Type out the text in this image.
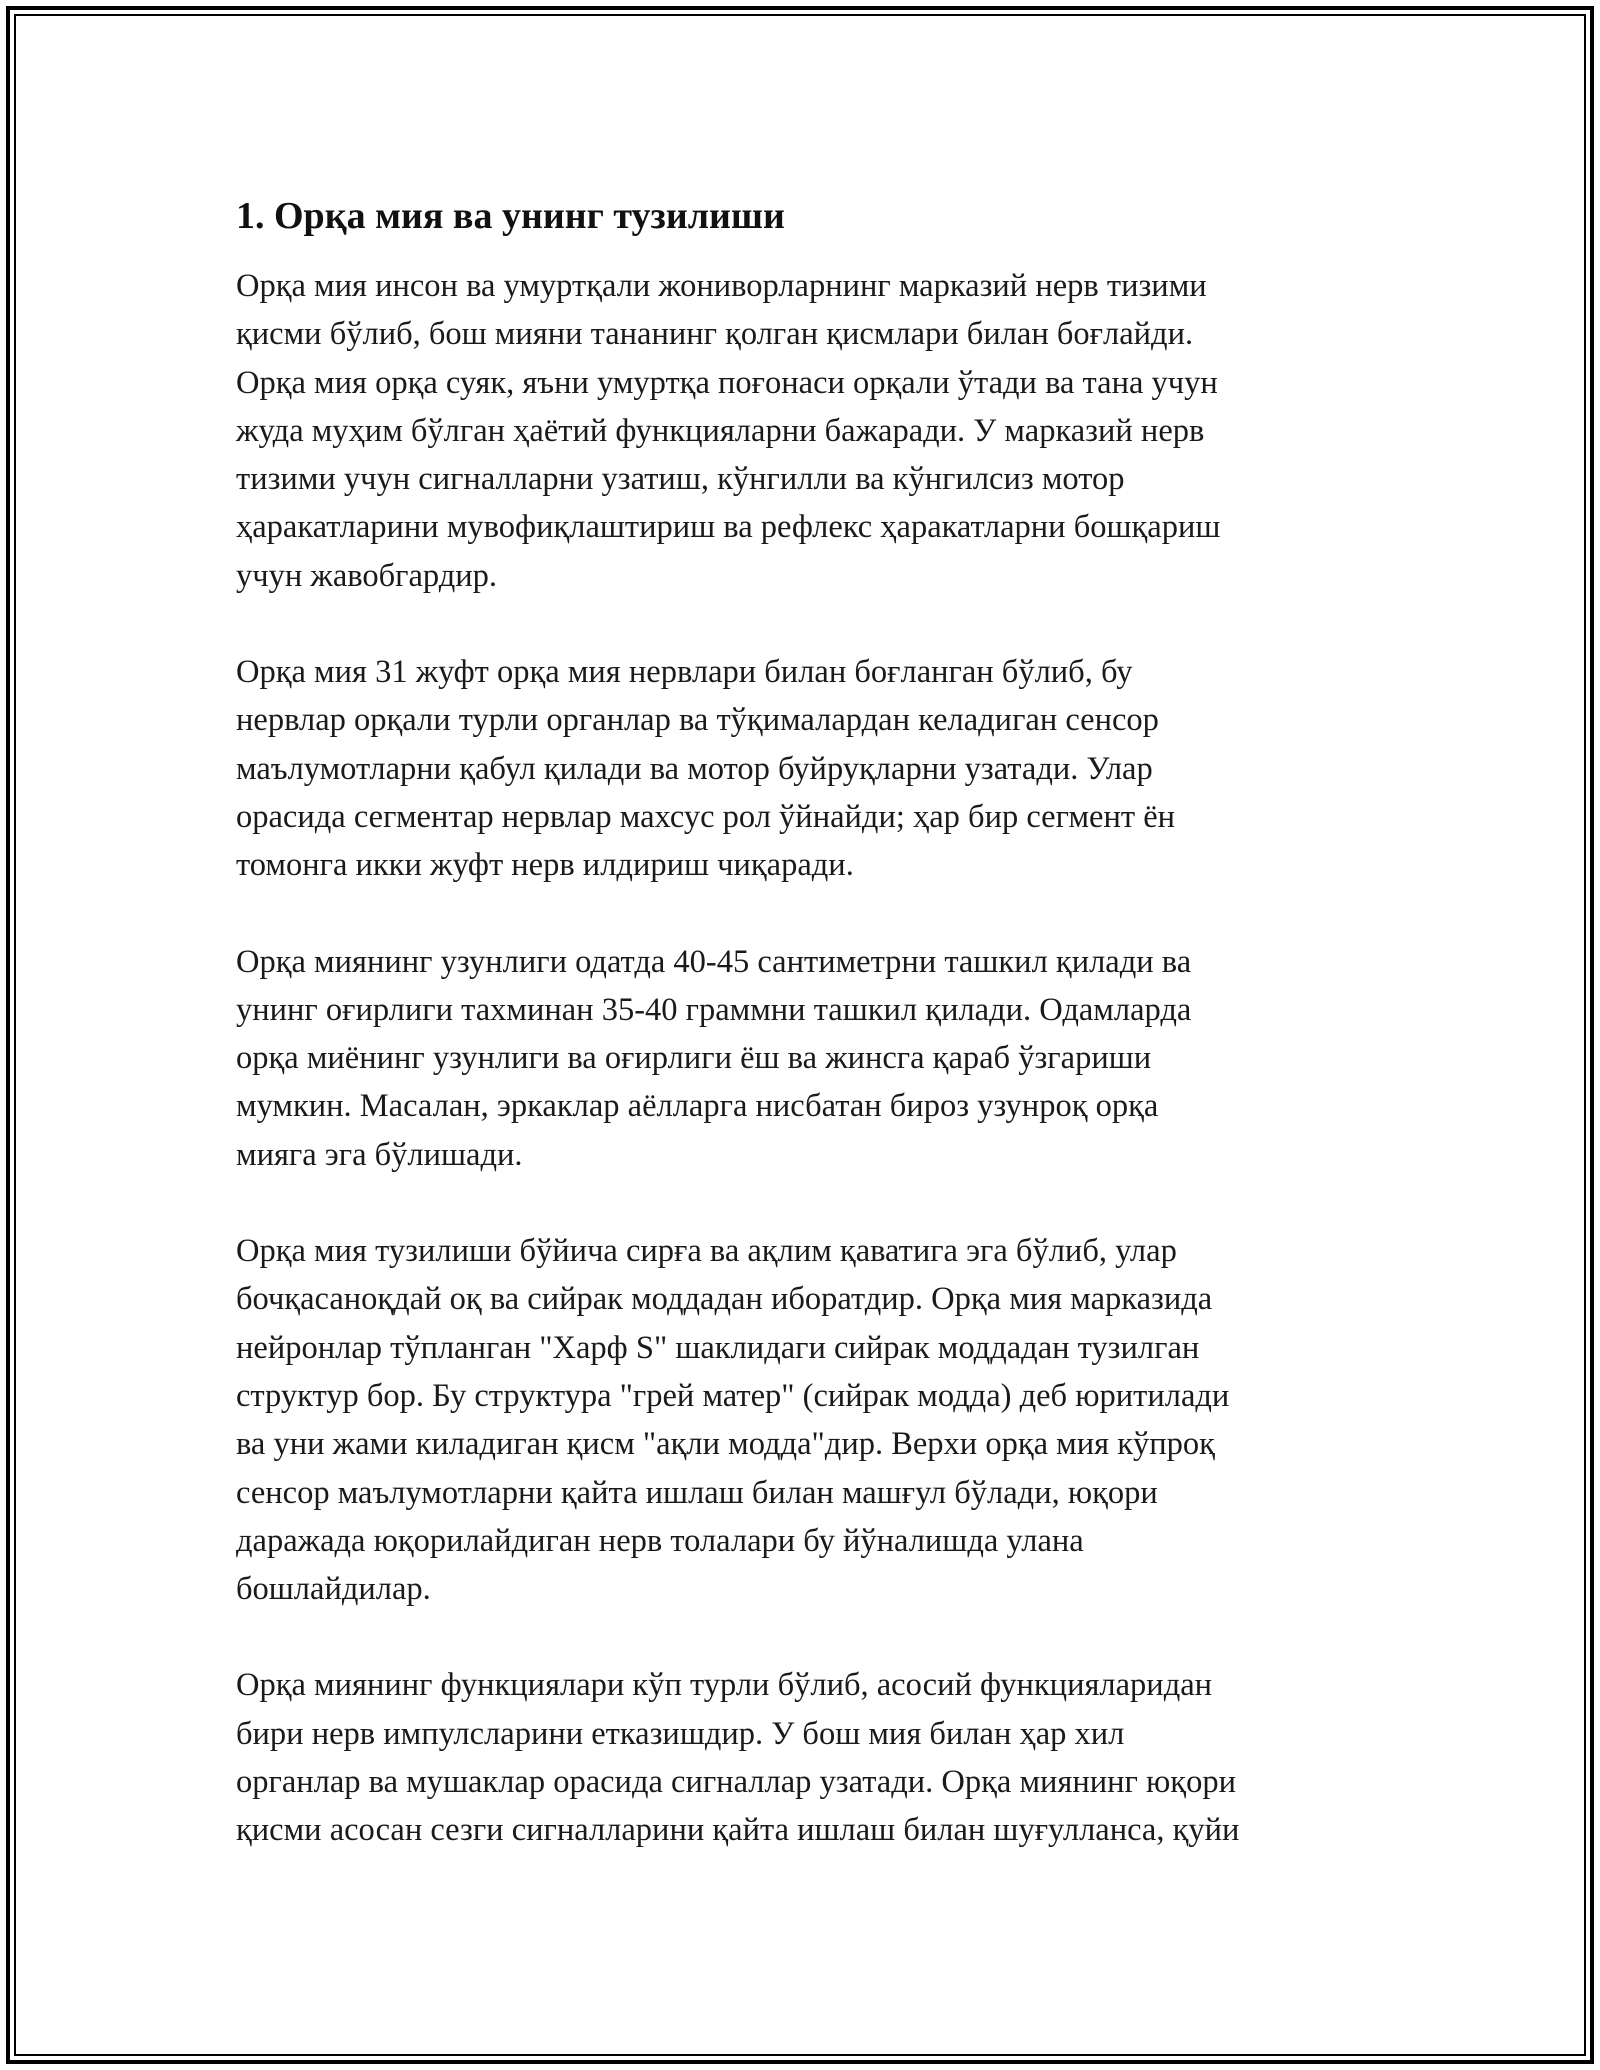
1. Орқа мия ва унинг тузилиши
Орқа мия инсон ва умуртқали жониворларнинг марказий нерв тизими
қисми бўлиб, бош мияни тананинг қолган қисмлари билан боғлайди.
Орқа мия орқа суяк, яъни умуртқа поғонаси орқали ўтади ва тана учун
жуда муҳим бўлган ҳаётий функцияларни бажаради. У марказий нерв
тизими учун сигналларни узатиш, кўнгилли ва кўнгилсиз мотор
ҳаракатларини мувофиқлаштириш ва рефлекс ҳаракатларни бошқариш
учун жавобгардир.
Орқа мия 31 жуфт орқа мия нервлари билан боғланган бўлиб, бу
нервлар орқали турли органлар ва тўқималардан келадиган сенсор
маълумотларни қабул қилади ва мотор буйруқларни узатади. Улар
орасида сегментар нервлар махсус рол ўйнайди; ҳар бир сегмент ён
томонга икки жуфт нерв илдириш чиқаради.
Орқа миянинг узунлиги одатда 40-45 сантиметрни ташкил қилади ва
унинг оғирлиги тахминан 35-40 граммни ташкил қилади. Одамларда
орқа миёнинг узунлиги ва оғирлиги ёш ва жинсга қараб ўзгариши
мумкин. Масалан, эркаклар аёлларга нисбатан бироз узунроқ орқа
мияга эга бўлишади.
Орқа мия тузилиши бўйича сирға ва ақлим қаватига эга бўлиб, улар
бочқасаноқдай оқ ва сийрак моддадан иборатдир. Орқа мия марказида
нейронлар тўпланган "Харф S" шаклидаги сийрак моддадан тузилган
структур бор. Бу структура "грей матер" (сийрак модда) деб юритилади
ва уни жами киладиган қисм "ақли модда"дир. Верхи орқа мия кўпроқ
сенсор маълумотларни қайта ишлаш билан машғул бўлади, юқори
даражада юқорилайдиган нерв толалари бу йўналишда улана
бошлайдилар.
Орқа миянинг функциялари кўп турли бўлиб, асосий функцияларидан
бири нерв импулсларини етказишдир. У бош мия билан ҳар хил
органлар ва мушаклар орасида сигналлар узатади. Орқа миянинг юқори
қисми асосан сезги сигналларини қайта ишлаш билан шуғулланса, қуйи
